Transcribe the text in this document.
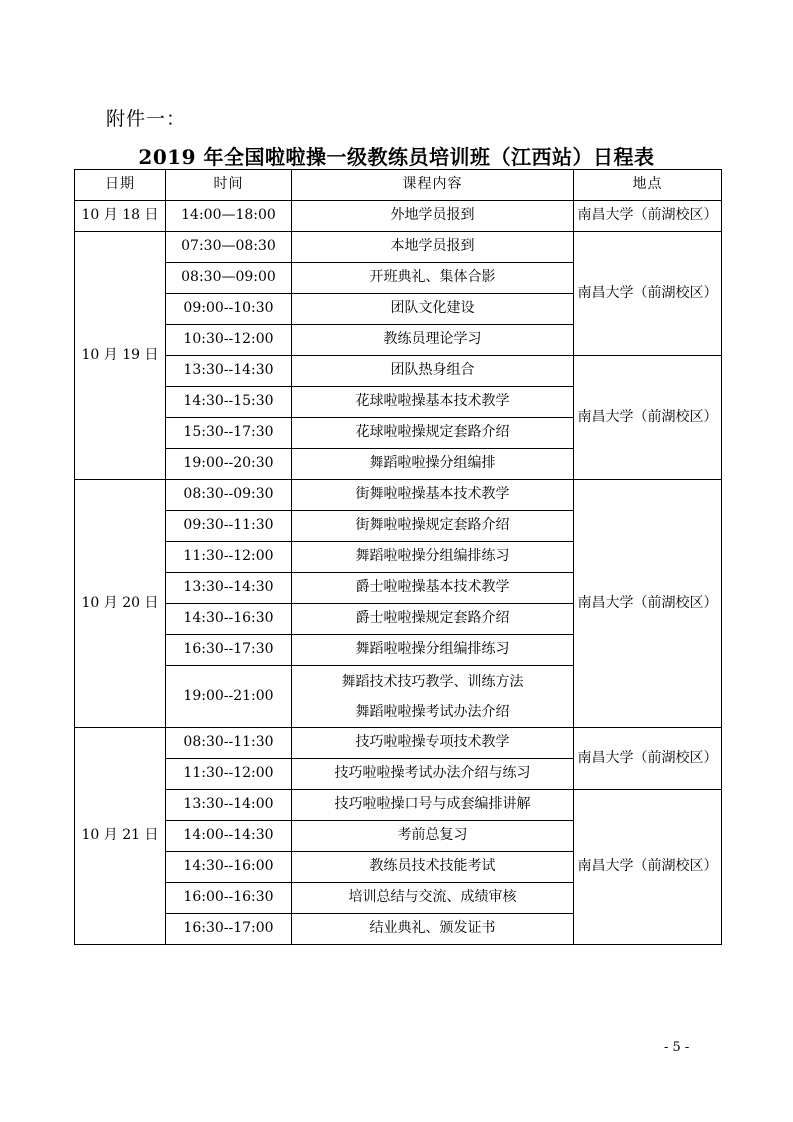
附件一：
2019 年全国啦啦操一级教练员培训班（江西站）日程表
日期	时间	课程内容	地点
10 月 18 日	14:00—18:00	外地学员报到	南昌大学（前湖校区）
10 月 19 日	07:30—08:30	本地学员报到	南昌大学（前湖校区）
	08:30—09:00	开班典礼、集体合影	
	09:00--10:30	团队文化建设	
	10:30--12:00	教练员理论学习	
	13:30--14:30	团队热身组合	南昌大学（前湖校区）
	14:30--15:30	花球啦啦操基本技术教学	
	15:30--17:30	花球啦啦操规定套路介绍	
	19:00--20:30	舞蹈啦啦操分组编排	
10 月 20 日	08:30--09:30	街舞啦啦操基本技术教学	南昌大学（前湖校区）
	09:30--11:30	街舞啦啦操规定套路介绍	
	11:30--12:00	舞蹈啦啦操分组编排练习	
	13:30--14:30	爵士啦啦操基本技术教学	
	14:30--16:30	爵士啦啦操规定套路介绍	
	16:30--17:30	舞蹈啦啦操分组编排练习	
	19:00--21:00	舞蹈技术技巧教学、训练方法
舞蹈啦啦操考试办法介绍	

10 月 21 日	08:30--11:30	技巧啦啦操专项技术教学	南昌大学（前湖校区）
	11:30--12:00	技巧啦啦操考试办法介绍与练习	
	13:30--14:00	技巧啦啦操口号与成套编排讲解	南昌大学（前湖校区）
	14:00--14:30	考前总复习	
	14:30--16:00	教练员技术技能考试	
	16:00--16:30	培训总结与交流、成绩审核	
	16:30--17:00	结业典礼、颁发证书	
- 5 -
